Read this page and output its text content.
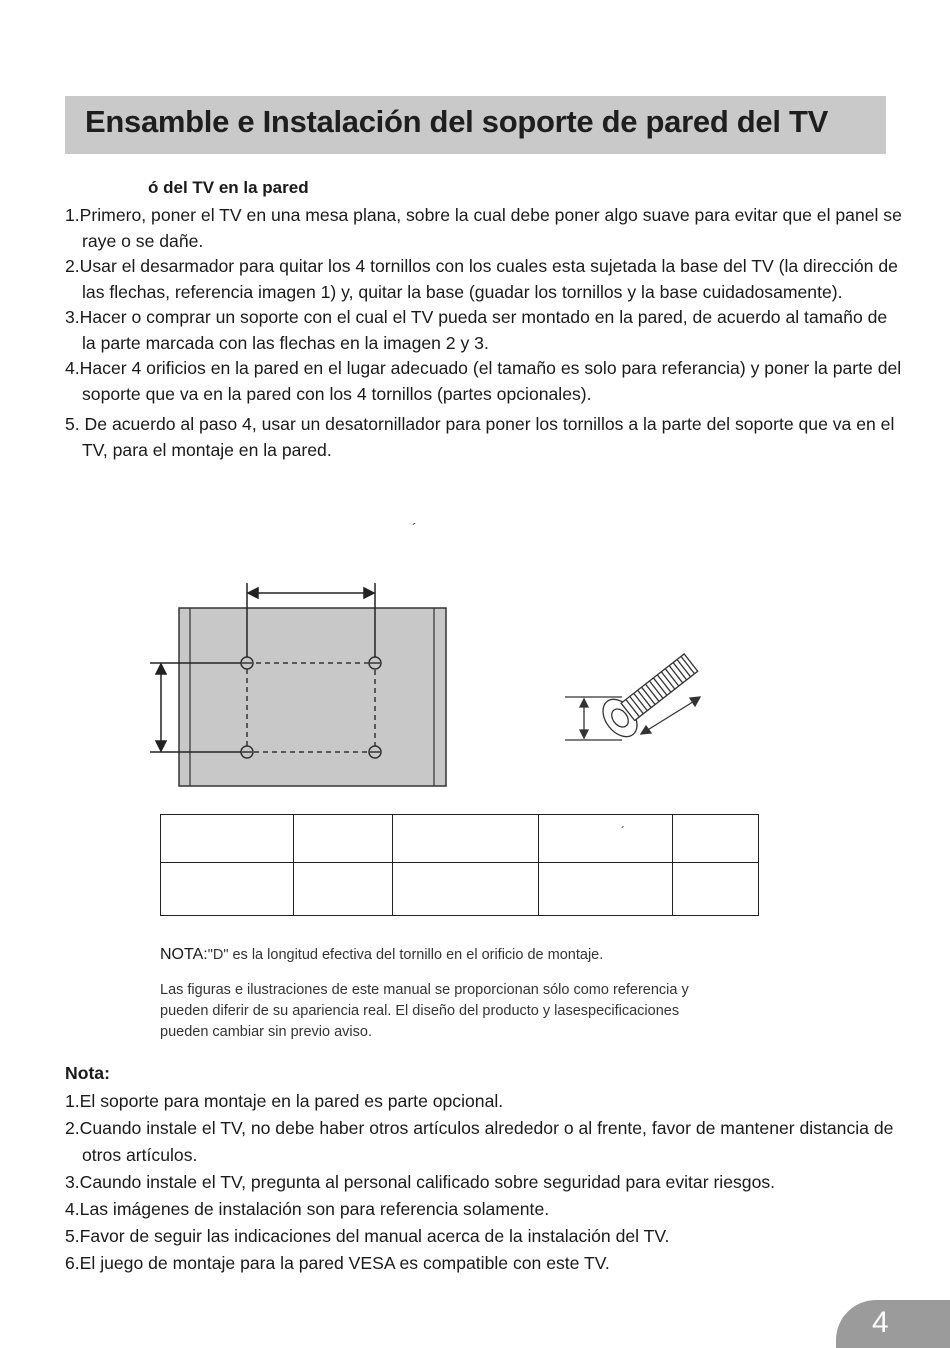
Ensamble e Instalación del soporte de pared del TV
ó del TV en la pared

1.Primero, poner el TV en una mesa plana, sobre la cual debe poner algo suave para evitar que el panel se raye o se dañe.

2.Usar el desarmador para quitar los 4 tornillos con los cuales esta sujetada la base del TV (la dirección de las flechas, referencia imagen 1) y, quitar la base (guadar los tornillos y la base cuidadosamente).

3.Hacer o comprar un soporte con el cual el TV pueda ser montado en la pared, de acuerdo al tamaño de la parte marcada con las flechas en la imagen 2 y 3.

4.Hacer 4 orificios en la pared en el lugar adecuado (el tamaño es solo para referancia) y poner la parte del soporte que va en la pared con los 4 tornillos (partes opcionales).

5. De acuerdo al paso 4, usar un desatornillador para poner los tornillos a la parte del soporte que va en el TV, para el montaje en la pared.

´
			´	

NOTA:"D" es la longitud efectiva del tornillo en el orificio de montaje.
Las figuras e ilustraciones de este manual se proporcionan sólo como referencia y
pueden diferir de su apariencia real. El diseño del producto y lasespecificaciones
pueden cambiar sin previo aviso.
Nota:

1.El soporte para montaje en la pared es parte opcional.

2.Cuando instale el TV, no debe haber otros artículos alrededor o al frente, favor de mantener distancia de otros artículos.

3.Caundo instale el TV, pregunta al personal calificado sobre seguridad para evitar riesgos.

4.Las imágenes de instalación son para referencia solamente.

5.Favor de seguir las indicaciones del manual acerca de la instalación del TV.

6.El juego de montaje para la pared VESA es compatible con este TV.

4
